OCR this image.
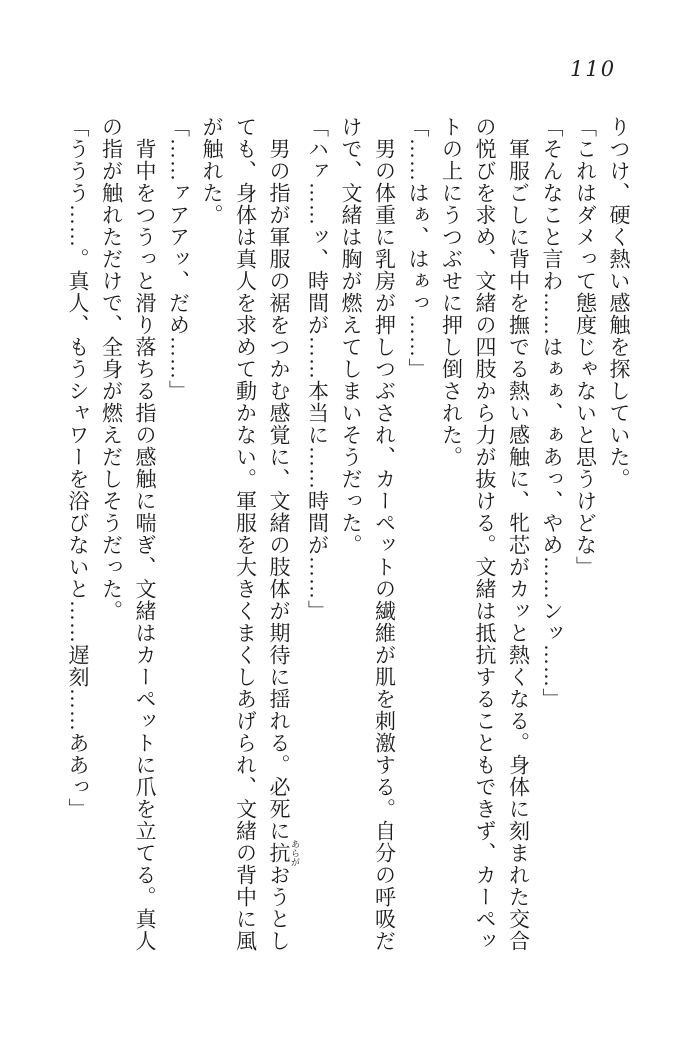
110

りつけ、硬く熱い感触を探していた。

「これはダメって態度じゃないと思うけどな」

「そんなこと言わ……はぁぁ、ぁあっ、やめ……ンッ……」

軍服ごしに背中を撫でる熱い感触に、牝芯がカッと熱くなる。身体に刻まれた交合

の悦びを求め、文緒の四肢から力が抜ける。文緒は抵抗することもできず、カーペッ

トの上にうつぶせに押し倒された。

「……はぁ、はぁっ……」

男の体重に乳房が押しつぶされ、カーペットの繊維が肌を刺激する。自分の呼吸だ

けで、文緒は胸が燃えてしまいそうだった。

「ハァ……ッ、時間が……本当に……時間が……」

男の指が軍服の裾をつかむ感覚に、文緒の肢体が期待に揺れる。必死に抗 あらがおうとし

ても、身体は真人を求めて動かない。軍服を大きくまくしあげられ、文緒の背中に風

が触れた。

「……ァアアッ、だめ……」

背中をつうっと滑り落ちる指の感触に喘ぎ、文緒はカーペットに爪を立てる。真人

の指が触れただけで、全身が燃えだしそうだった。

「ううう……。真人、もうシャワーを浴びないと……遅刻……ああっ」
